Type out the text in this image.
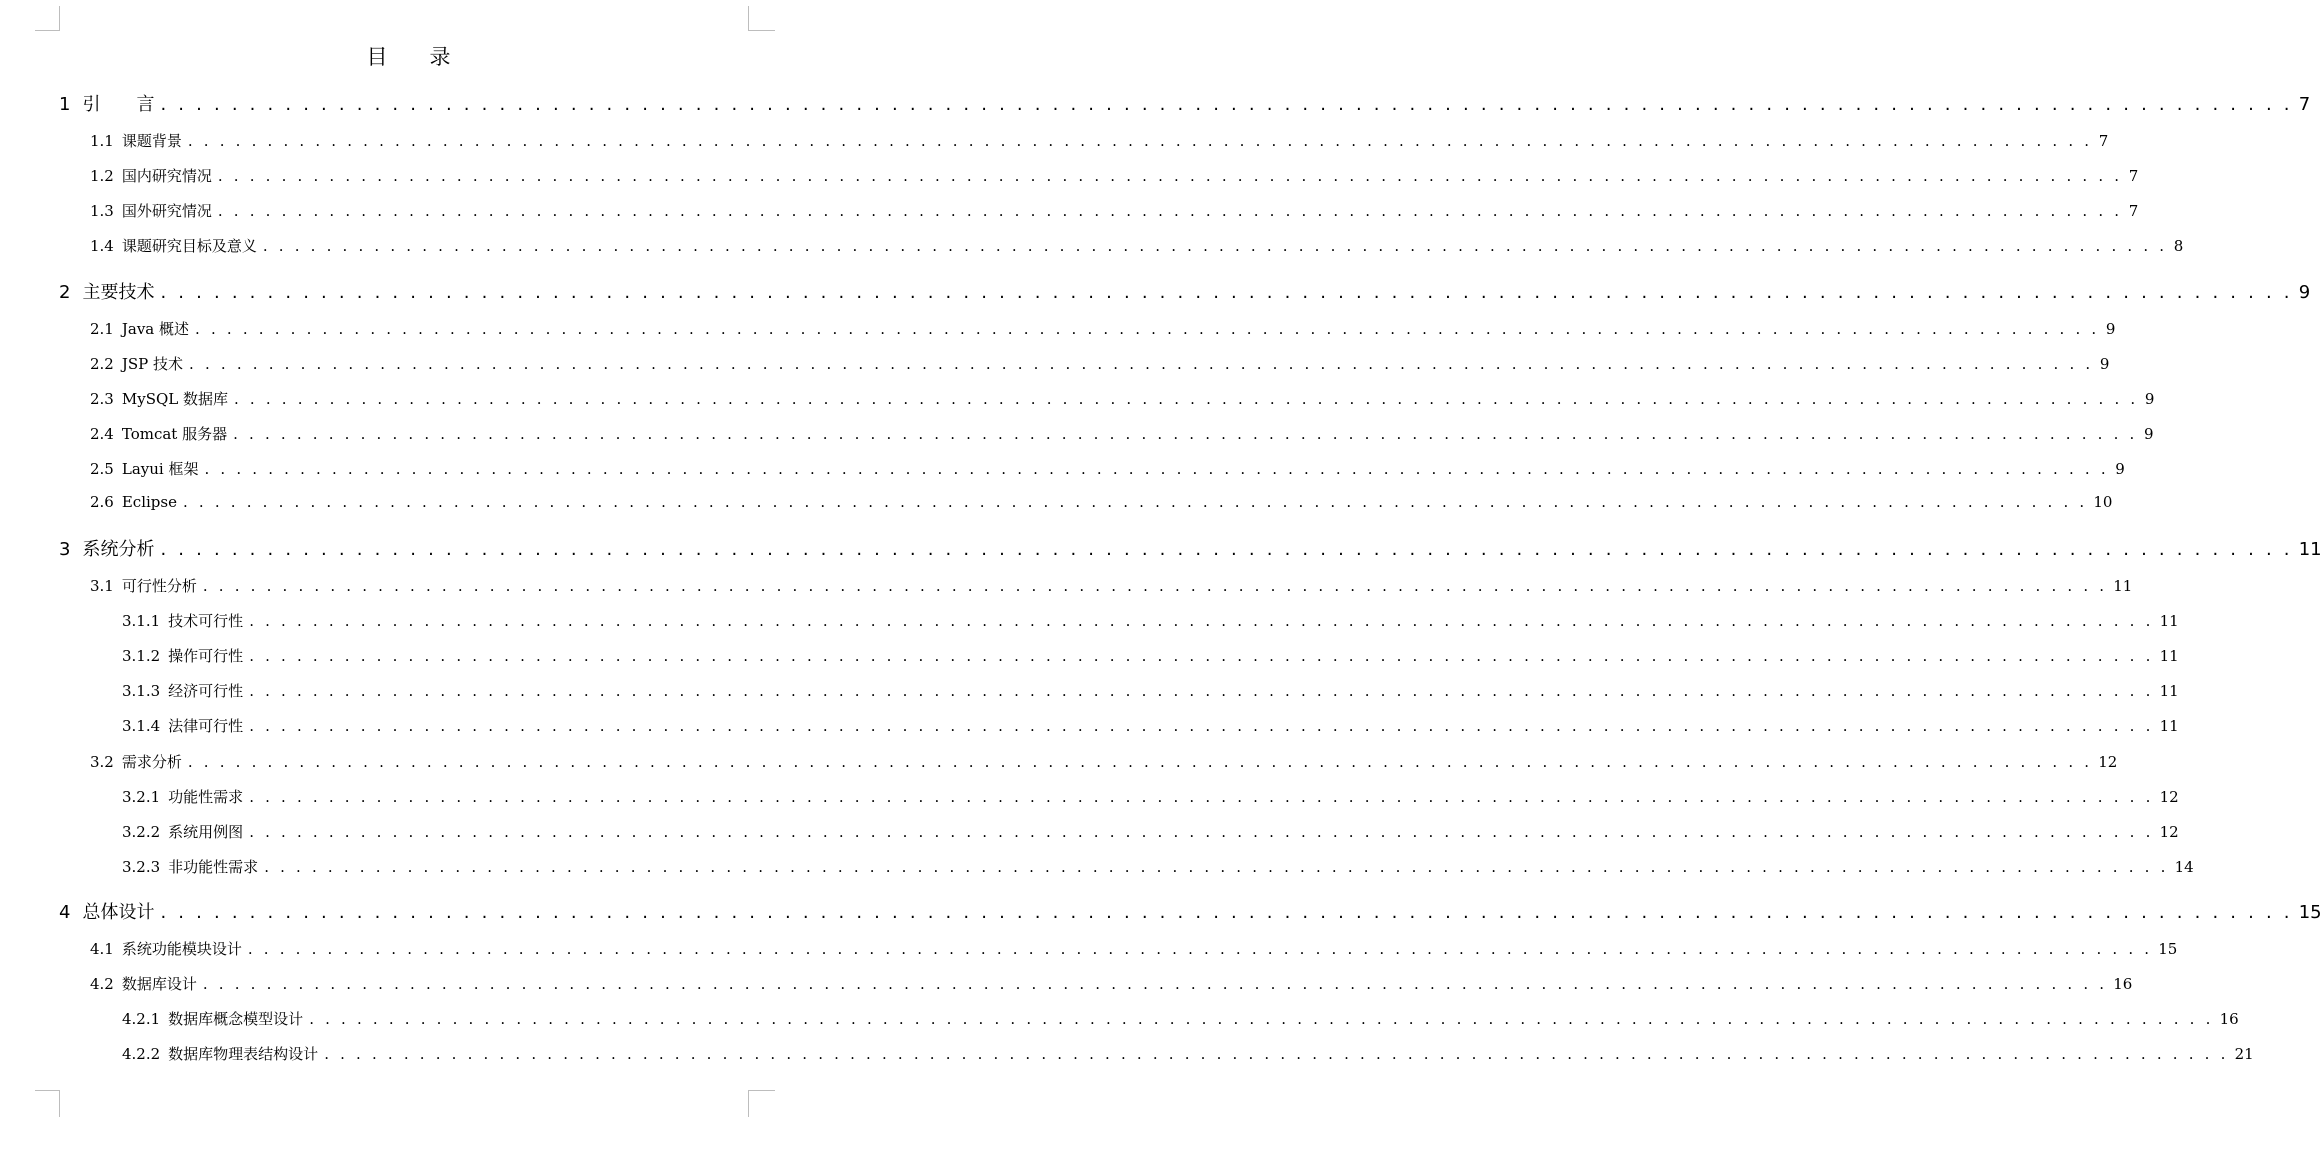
目 录
1 引　　言 . . . . . . . . . . . . . . . . . . . . . . . . . . . . . . . . . . . . . . . . . . . . . . . . . . . . . . . . . . . . . . . . . . . . . . . . . . . . . . . . . . . . . . . . . . . . . . . . . . . . . . . . . . . . . . . . . . . . . . . . 7
1.1 课题背景 . . . . . . . . . . . . . . . . . . . . . . . . . . . . . . . . . . . . . . . . . . . . . . . . . . . . . . . . . . . . . . . . . . . . . . . . . . . . . . . . . . . . . . . . . . . . . . . . . . . . . . . . . . . . . . . . . . . . . . . . 7
1.2 国内研究情况 . . . . . . . . . . . . . . . . . . . . . . . . . . . . . . . . . . . . . . . . . . . . . . . . . . . . . . . . . . . . . . . . . . . . . . . . . . . . . . . . . . . . . . . . . . . . . . . . . . . . . . . . . . . . . . . . . . . . . . . . 7
1.3 国外研究情况 . . . . . . . . . . . . . . . . . . . . . . . . . . . . . . . . . . . . . . . . . . . . . . . . . . . . . . . . . . . . . . . . . . . . . . . . . . . . . . . . . . . . . . . . . . . . . . . . . . . . . . . . . . . . . . . . . . . . . . . . 7
1.4 课题研究目标及意义 . . . . . . . . . . . . . . . . . . . . . . . . . . . . . . . . . . . . . . . . . . . . . . . . . . . . . . . . . . . . . . . . . . . . . . . . . . . . . . . . . . . . . . . . . . . . . . . . . . . . . . . . . . . . . . . . . . . . . . . . 8
2 主要技术 . . . . . . . . . . . . . . . . . . . . . . . . . . . . . . . . . . . . . . . . . . . . . . . . . . . . . . . . . . . . . . . . . . . . . . . . . . . . . . . . . . . . . . . . . . . . . . . . . . . . . . . . . . . . . . . . . . . . . . . . 9
2.1 Java 概述 . . . . . . . . . . . . . . . . . . . . . . . . . . . . . . . . . . . . . . . . . . . . . . . . . . . . . . . . . . . . . . . . . . . . . . . . . . . . . . . . . . . . . . . . . . . . . . . . . . . . . . . . . . . . . . . . . . . . . . . . 9
2.2 JSP 技术 . . . . . . . . . . . . . . . . . . . . . . . . . . . . . . . . . . . . . . . . . . . . . . . . . . . . . . . . . . . . . . . . . . . . . . . . . . . . . . . . . . . . . . . . . . . . . . . . . . . . . . . . . . . . . . . . . . . . . . . . 9
2.3 MySQL 数据库 . . . . . . . . . . . . . . . . . . . . . . . . . . . . . . . . . . . . . . . . . . . . . . . . . . . . . . . . . . . . . . . . . . . . . . . . . . . . . . . . . . . . . . . . . . . . . . . . . . . . . . . . . . . . . . . . . . . . . . . . 9
2.4 Tomcat 服务器 . . . . . . . . . . . . . . . . . . . . . . . . . . . . . . . . . . . . . . . . . . . . . . . . . . . . . . . . . . . . . . . . . . . . . . . . . . . . . . . . . . . . . . . . . . . . . . . . . . . . . . . . . . . . . . . . . . . . . . . . 9
2.5 Layui 框架 . . . . . . . . . . . . . . . . . . . . . . . . . . . . . . . . . . . . . . . . . . . . . . . . . . . . . . . . . . . . . . . . . . . . . . . . . . . . . . . . . . . . . . . . . . . . . . . . . . . . . . . . . . . . . . . . . . . . . . . . 9
2.6 Eclipse . . . . . . . . . . . . . . . . . . . . . . . . . . . . . . . . . . . . . . . . . . . . . . . . . . . . . . . . . . . . . . . . . . . . . . . . . . . . . . . . . . . . . . . . . . . . . . . . . . . . . . . . . . . . . . . . . . . . . . . . 10
3 系统分析 . . . . . . . . . . . . . . . . . . . . . . . . . . . . . . . . . . . . . . . . . . . . . . . . . . . . . . . . . . . . . . . . . . . . . . . . . . . . . . . . . . . . . . . . . . . . . . . . . . . . . . . . . . . . . . . . . . . . . . . . 11
3.1 可行性分析 . . . . . . . . . . . . . . . . . . . . . . . . . . . . . . . . . . . . . . . . . . . . . . . . . . . . . . . . . . . . . . . . . . . . . . . . . . . . . . . . . . . . . . . . . . . . . . . . . . . . . . . . . . . . . . . . . . . . . . . . 11
3.1.1 技术可行性 . . . . . . . . . . . . . . . . . . . . . . . . . . . . . . . . . . . . . . . . . . . . . . . . . . . . . . . . . . . . . . . . . . . . . . . . . . . . . . . . . . . . . . . . . . . . . . . . . . . . . . . . . . . . . . . . . . . . . . . . 11
3.1.2 操作可行性 . . . . . . . . . . . . . . . . . . . . . . . . . . . . . . . . . . . . . . . . . . . . . . . . . . . . . . . . . . . . . . . . . . . . . . . . . . . . . . . . . . . . . . . . . . . . . . . . . . . . . . . . . . . . . . . . . . . . . . . . 11
3.1.3 经济可行性 . . . . . . . . . . . . . . . . . . . . . . . . . . . . . . . . . . . . . . . . . . . . . . . . . . . . . . . . . . . . . . . . . . . . . . . . . . . . . . . . . . . . . . . . . . . . . . . . . . . . . . . . . . . . . . . . . . . . . . . . 11
3.1.4 法律可行性 . . . . . . . . . . . . . . . . . . . . . . . . . . . . . . . . . . . . . . . . . . . . . . . . . . . . . . . . . . . . . . . . . . . . . . . . . . . . . . . . . . . . . . . . . . . . . . . . . . . . . . . . . . . . . . . . . . . . . . . . 11
3.2 需求分析 . . . . . . . . . . . . . . . . . . . . . . . . . . . . . . . . . . . . . . . . . . . . . . . . . . . . . . . . . . . . . . . . . . . . . . . . . . . . . . . . . . . . . . . . . . . . . . . . . . . . . . . . . . . . . . . . . . . . . . . . 12
3.2.1 功能性需求 . . . . . . . . . . . . . . . . . . . . . . . . . . . . . . . . . . . . . . . . . . . . . . . . . . . . . . . . . . . . . . . . . . . . . . . . . . . . . . . . . . . . . . . . . . . . . . . . . . . . . . . . . . . . . . . . . . . . . . . . 12
3.2.2 系统用例图 . . . . . . . . . . . . . . . . . . . . . . . . . . . . . . . . . . . . . . . . . . . . . . . . . . . . . . . . . . . . . . . . . . . . . . . . . . . . . . . . . . . . . . . . . . . . . . . . . . . . . . . . . . . . . . . . . . . . . . . . 12
3.2.3 非功能性需求 . . . . . . . . . . . . . . . . . . . . . . . . . . . . . . . . . . . . . . . . . . . . . . . . . . . . . . . . . . . . . . . . . . . . . . . . . . . . . . . . . . . . . . . . . . . . . . . . . . . . . . . . . . . . . . . . . . . . . . . . 14
4 总体设计 . . . . . . . . . . . . . . . . . . . . . . . . . . . . . . . . . . . . . . . . . . . . . . . . . . . . . . . . . . . . . . . . . . . . . . . . . . . . . . . . . . . . . . . . . . . . . . . . . . . . . . . . . . . . . . . . . . . . . . . . 15
4.1 系统功能模块设计 . . . . . . . . . . . . . . . . . . . . . . . . . . . . . . . . . . . . . . . . . . . . . . . . . . . . . . . . . . . . . . . . . . . . . . . . . . . . . . . . . . . . . . . . . . . . . . . . . . . . . . . . . . . . . . . . . . . . . . . . 15
4.2 数据库设计 . . . . . . . . . . . . . . . . . . . . . . . . . . . . . . . . . . . . . . . . . . . . . . . . . . . . . . . . . . . . . . . . . . . . . . . . . . . . . . . . . . . . . . . . . . . . . . . . . . . . . . . . . . . . . . . . . . . . . . . . 16
4.2.1 数据库概念模型设计 . . . . . . . . . . . . . . . . . . . . . . . . . . . . . . . . . . . . . . . . . . . . . . . . . . . . . . . . . . . . . . . . . . . . . . . . . . . . . . . . . . . . . . . . . . . . . . . . . . . . . . . . . . . . . . . . . . . . . . . . 16
4.2.2 数据库物理表结构设计 . . . . . . . . . . . . . . . . . . . . . . . . . . . . . . . . . . . . . . . . . . . . . . . . . . . . . . . . . . . . . . . . . . . . . . . . . . . . . . . . . . . . . . . . . . . . . . . . . . . . . . . . . . . . . . . . . . . . . . . . 21
